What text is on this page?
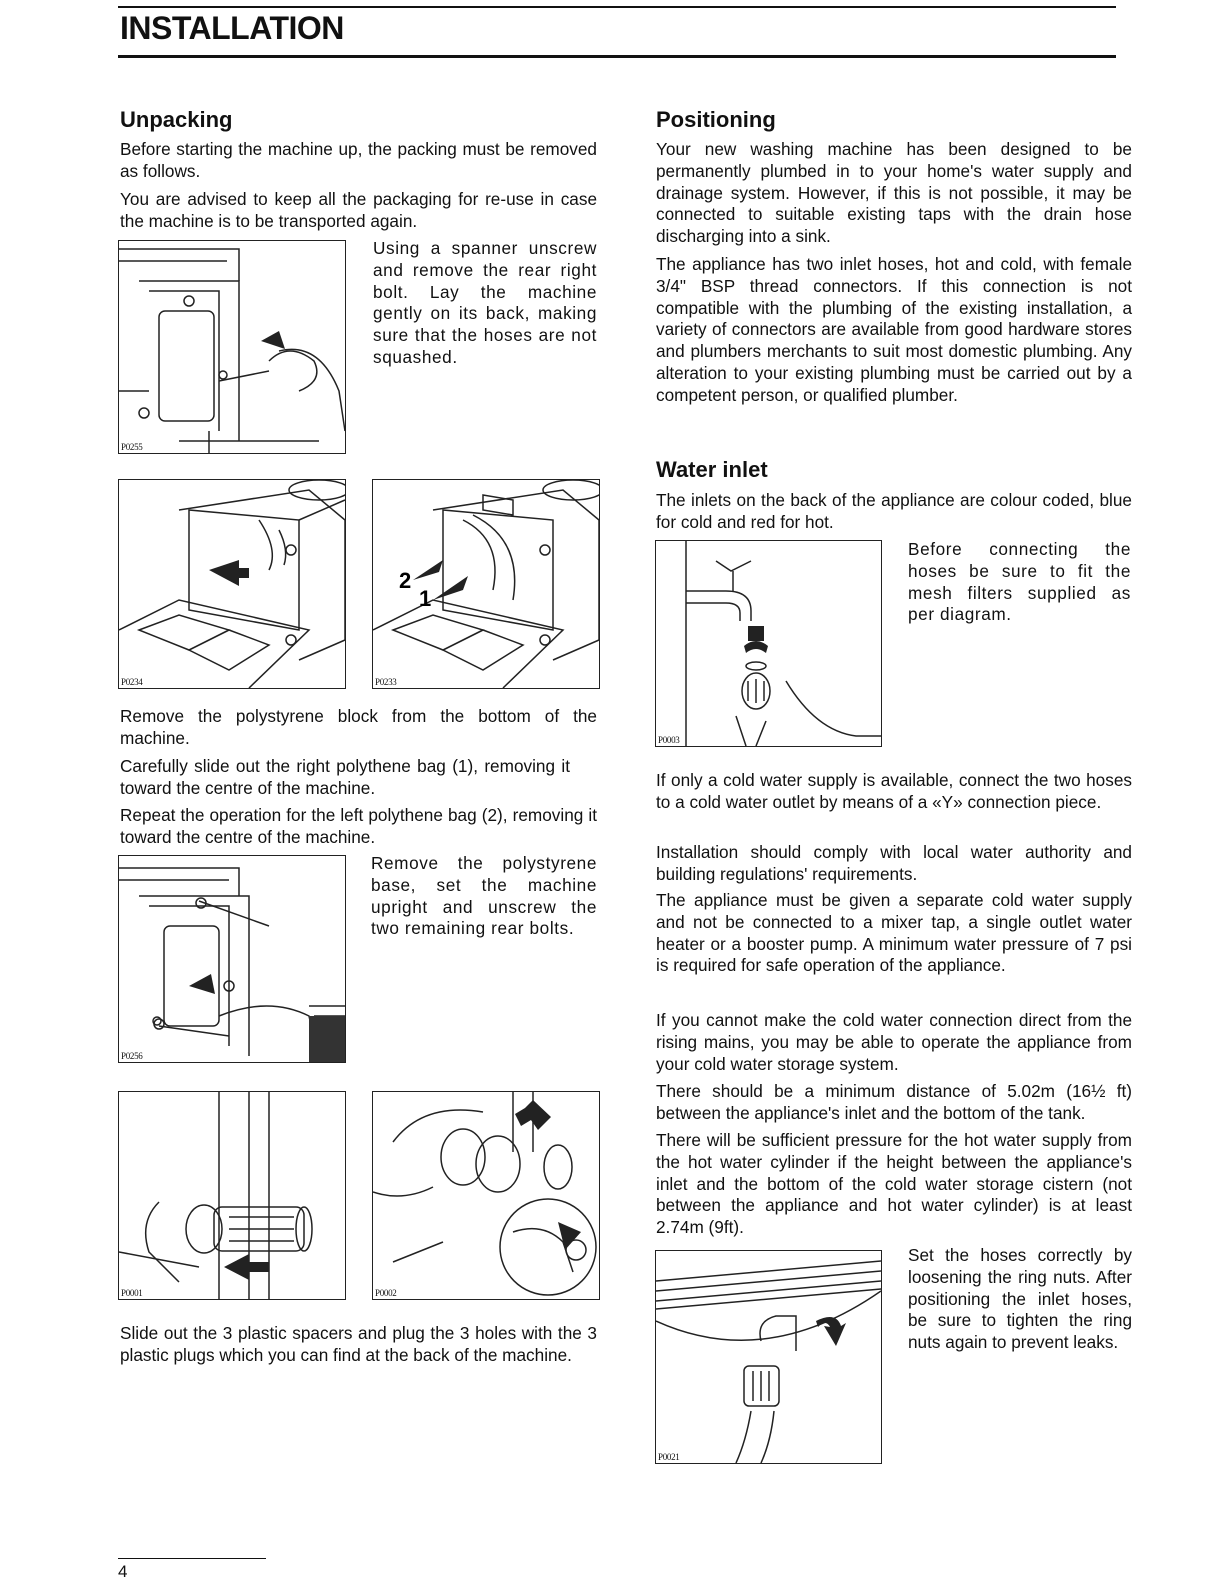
INSTALLATION
Unpacking

Before starting the machine up, the packing must be removed as follows.

You are advised to keep all the packaging for re-use in case the machine is to be transported again.

P0255

Using a spanner unscrew and remove the rear right bolt. Lay the machine gently on its back, making sure that the hoses are not squashed.

P0234
2
1
P0233

Remove the polystyrene block from the bottom of the machine.

Carefully slide out the right polythene bag (1), removing it toward the centre of the machine.

Repeat the operation for the left polythene bag (2), removing it toward the centre of the machine.

P0256

Remove the polystyrene base, set the machine upright and unscrew the two remaining rear bolts.

P0001	P0002

Slide out the 3 plastic spacers and plug the 3 holes with the 3 plastic plugs which you can find at the back of the machine.

Positioning

Your new washing machine has been designed to be permanently plumbed in to your home's water supply and drainage system. However, if this is not possible, it may be connected to suitable existing taps with the drain hose discharging into a sink.

The appliance has two inlet hoses, hot and cold, with female 3/4" BSP thread connectors. If this connection is not compatible with the plumbing of the existing installation, a variety of connectors are available from good hardware stores and plumbers merchants to suit most domestic plumbing. Any alteration to your existing plumbing must be carried out by a competent person, or qualified plumber.

Water inlet

The inlets on the back of the appliance are colour coded, blue for cold and red for hot.

P0003

Before connecting the hoses be sure to fit the mesh filters supplied as per diagram.

If only a cold water supply is available, connect the two hoses to a cold water outlet by means of a «Y» connection piece.

Installation should comply with local water authority and building regulations' requirements.

The appliance must be given a separate cold water supply and not be connected to a mixer tap, a single outlet water heater or a booster pump. A minimum water pressure of 7 psi is required for safe operation of the appliance.

If you cannot make the cold water connection direct from the rising mains, you may be able to operate the appliance from your cold water storage system.

There should be a minimum distance of 5.02m (16½ ft) between the appliance's inlet and the bottom of the tank.

There will be sufficient pressure for the hot water supply from the hot water cylinder if the height between the appliance's inlet and the bottom of the cold water storage cistern (not between the appliance and hot water cylinder) is at least 2.74m (9ft).

P0021

Set the hoses correctly by loosening the ring nuts. After positioning the inlet hoses, be sure to tighten the ring nuts again to prevent leaks.

4
